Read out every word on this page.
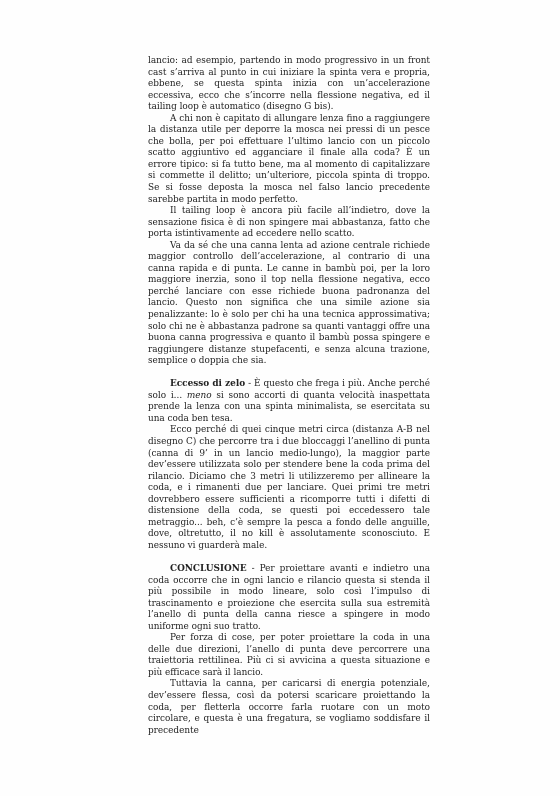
lancio: ad esempio, partendo in modo progressivo in un front cast s’arriva al punto in cui iniziare la spinta vera e propria, ebbene, se questa spinta inizia con un’accelerazione eccessiva, ecco che s’incorre nella flessione negativa, ed il tailing loop è automatico (disegno G bis).

A chi non è capitato di allungare lenza fino a raggiungere la distanza utile per deporre la mosca nei pressi di un pesce che bolla, per poi effettuare l’ultimo lancio con un piccolo scatto aggiuntivo ed agganciare il finale alla coda? È un errore tipico: si fa tutto bene, ma al momento di capitalizzare si commette il delitto; un’ulteriore, piccola spinta di troppo. Se si fosse deposta la mosca nel falso lancio precedente sarebbe partita in modo perfetto.

Il tailing loop è ancora più facile all’indietro, dove la sensazione fisica è di non spingere mai abbastanza, fatto che porta istintivamente ad eccedere nello scatto.

Va da sé che una canna lenta ad azione centrale richiede maggior controllo dell’accelerazione, al contrario di una canna rapida e di punta. Le canne in bambù poi, per la loro maggiore inerzia, sono il top nella flessione negativa, ecco perché lanciare con esse richiede buona padronanza del lancio. Questo non significa che una simile azione sia penalizzante: lo è solo per chi ha una tecnica approssimativa; solo chi ne è abbastanza padrone sa quanti vantaggi offre una buona canna progressiva e quanto il bambù possa spingere e raggiungere distanze stupefacenti, e senza alcuna trazione, semplice o doppia che sia.

Eccesso di zelo - È questo che frega i più. Anche perché solo i... meno si sono accorti di quanta velocità inaspettata prende la lenza con una spinta minimalista, se esercitata su una coda ben tesa.

Ecco perché di quei cinque metri circa (distanza A-B nel disegno C) che percorre tra i due bloccaggi l’anellino di punta (canna di 9’ in un lancio medio-lungo), la maggior parte dev’essere utilizzata solo per stendere bene la coda prima del rilancio. Diciamo che 3 metri li utilizzeremo per allineare la coda, e i rimanenti due per lanciare. Quei primi tre metri dovrebbero essere sufficienti a ricomporre tutti i difetti di distensione della coda, se questi poi eccedessero tale metraggio... beh, c’è sempre la pesca a fondo delle anguille, dove, oltretutto, il no kill è assolutamente sconosciuto. E nessuno vi guarderà male.

CONCLUSIONE - Per proiettare avanti e indietro una coda occorre che in ogni lancio e rilancio questa si stenda il più possibile in modo lineare, solo così l’impulso di trascinamento e proiezione che esercita sulla sua estremità l’anello di punta della canna riesce a spingere in modo uniforme ogni suo tratto.

Per forza di cose, per poter proiettare la coda in una delle due direzioni, l’anello di punta deve percorrere una traiettoria rettilinea. Più ci si avvicina a questa situazione e più efficace sarà il lancio.

Tuttavia la canna, per caricarsi di energia potenziale, dev’essere flessa, così da potersi scaricare proiettando la coda, per fletterla occorre farla ruotare con un moto circolare, e questa è una fregatura, se vogliamo soddisfare il precedente
